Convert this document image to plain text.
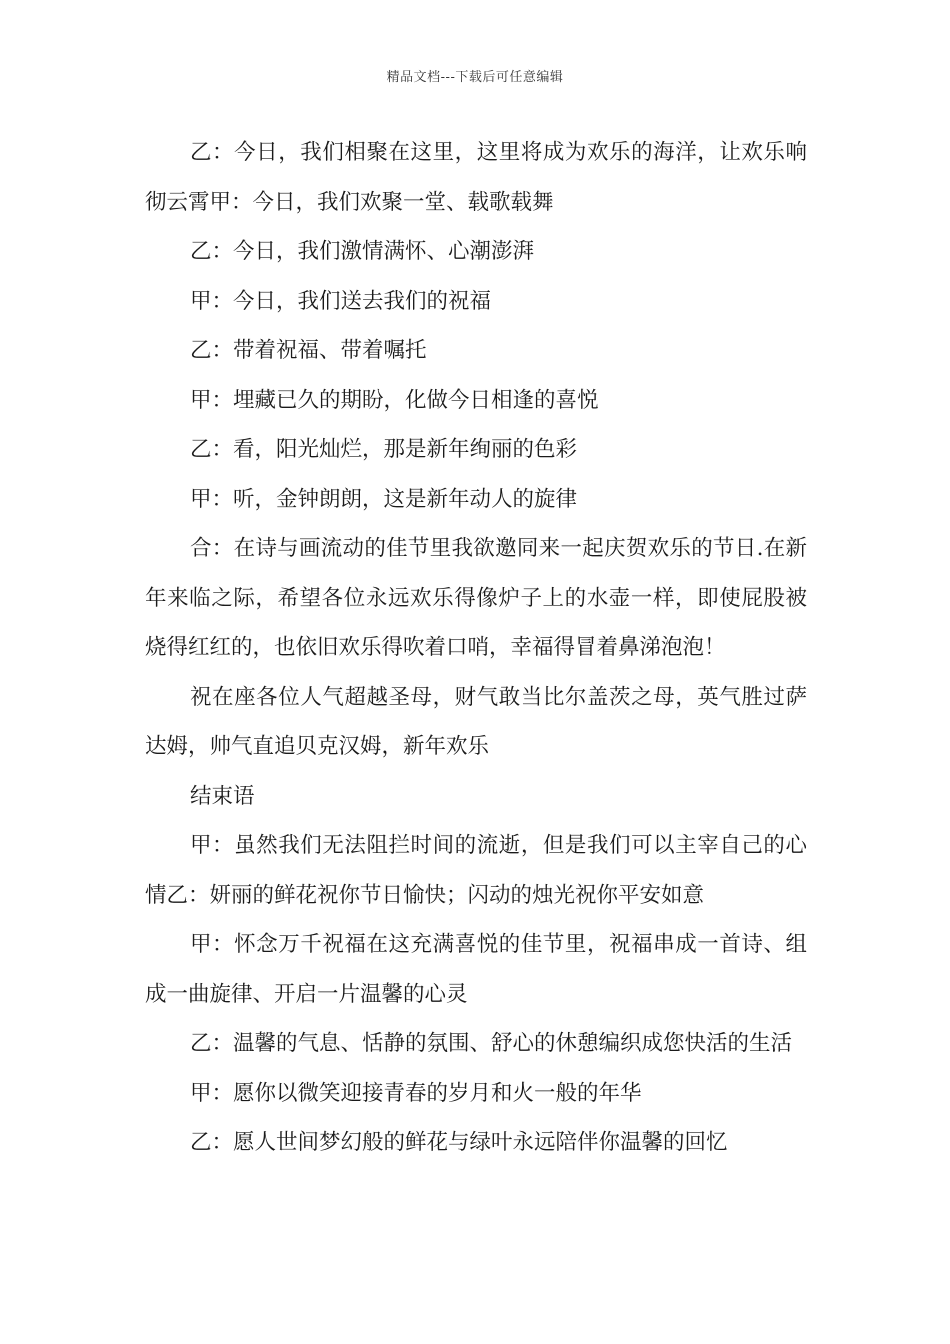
精品文档---下载后可任意编辑

乙：今日，我们相聚在这里，这里将成为欢乐的海洋，让欢乐响彻云霄甲：今日，我们欢聚一堂、载歌载舞

乙：今日，我们激情满怀、心潮澎湃

甲：今日，我们送去我们的祝福

乙：带着祝福、带着嘱托

甲：埋藏已久的期盼，化做今日相逢的喜悦

乙：看，阳光灿烂，那是新年绚丽的色彩

甲：听，金钟朗朗，这是新年动人的旋律

合：在诗与画流动的佳节里我欲邀同来一起庆贺欢乐的节日.在新年来临之际，希望各位永远欢乐得像炉子上的水壶一样，即使屁股被烧得红红的，也依旧欢乐得吹着口哨，幸福得冒着鼻涕泡泡！

祝在座各位人气超越圣母，财气敢当比尔盖茨之母，英气胜过萨达姆，帅气直追贝克汉姆，新年欢乐

结束语

甲：虽然我们无法阻拦时间的流逝，但是我们可以主宰自己的心情乙：妍丽的鲜花祝你节日愉快；闪动的烛光祝你平安如意

甲：怀念万千祝福在这充满喜悦的佳节里，祝福串成一首诗、组成一曲旋律、开启一片温馨的心灵

乙：温馨的气息、恬静的氛围、舒心的休憩编织成您快活的生活

甲：愿你以微笑迎接青春的岁月和火一般的年华

乙：愿人世间梦幻般的鲜花与绿叶永远陪伴你温馨的回忆
